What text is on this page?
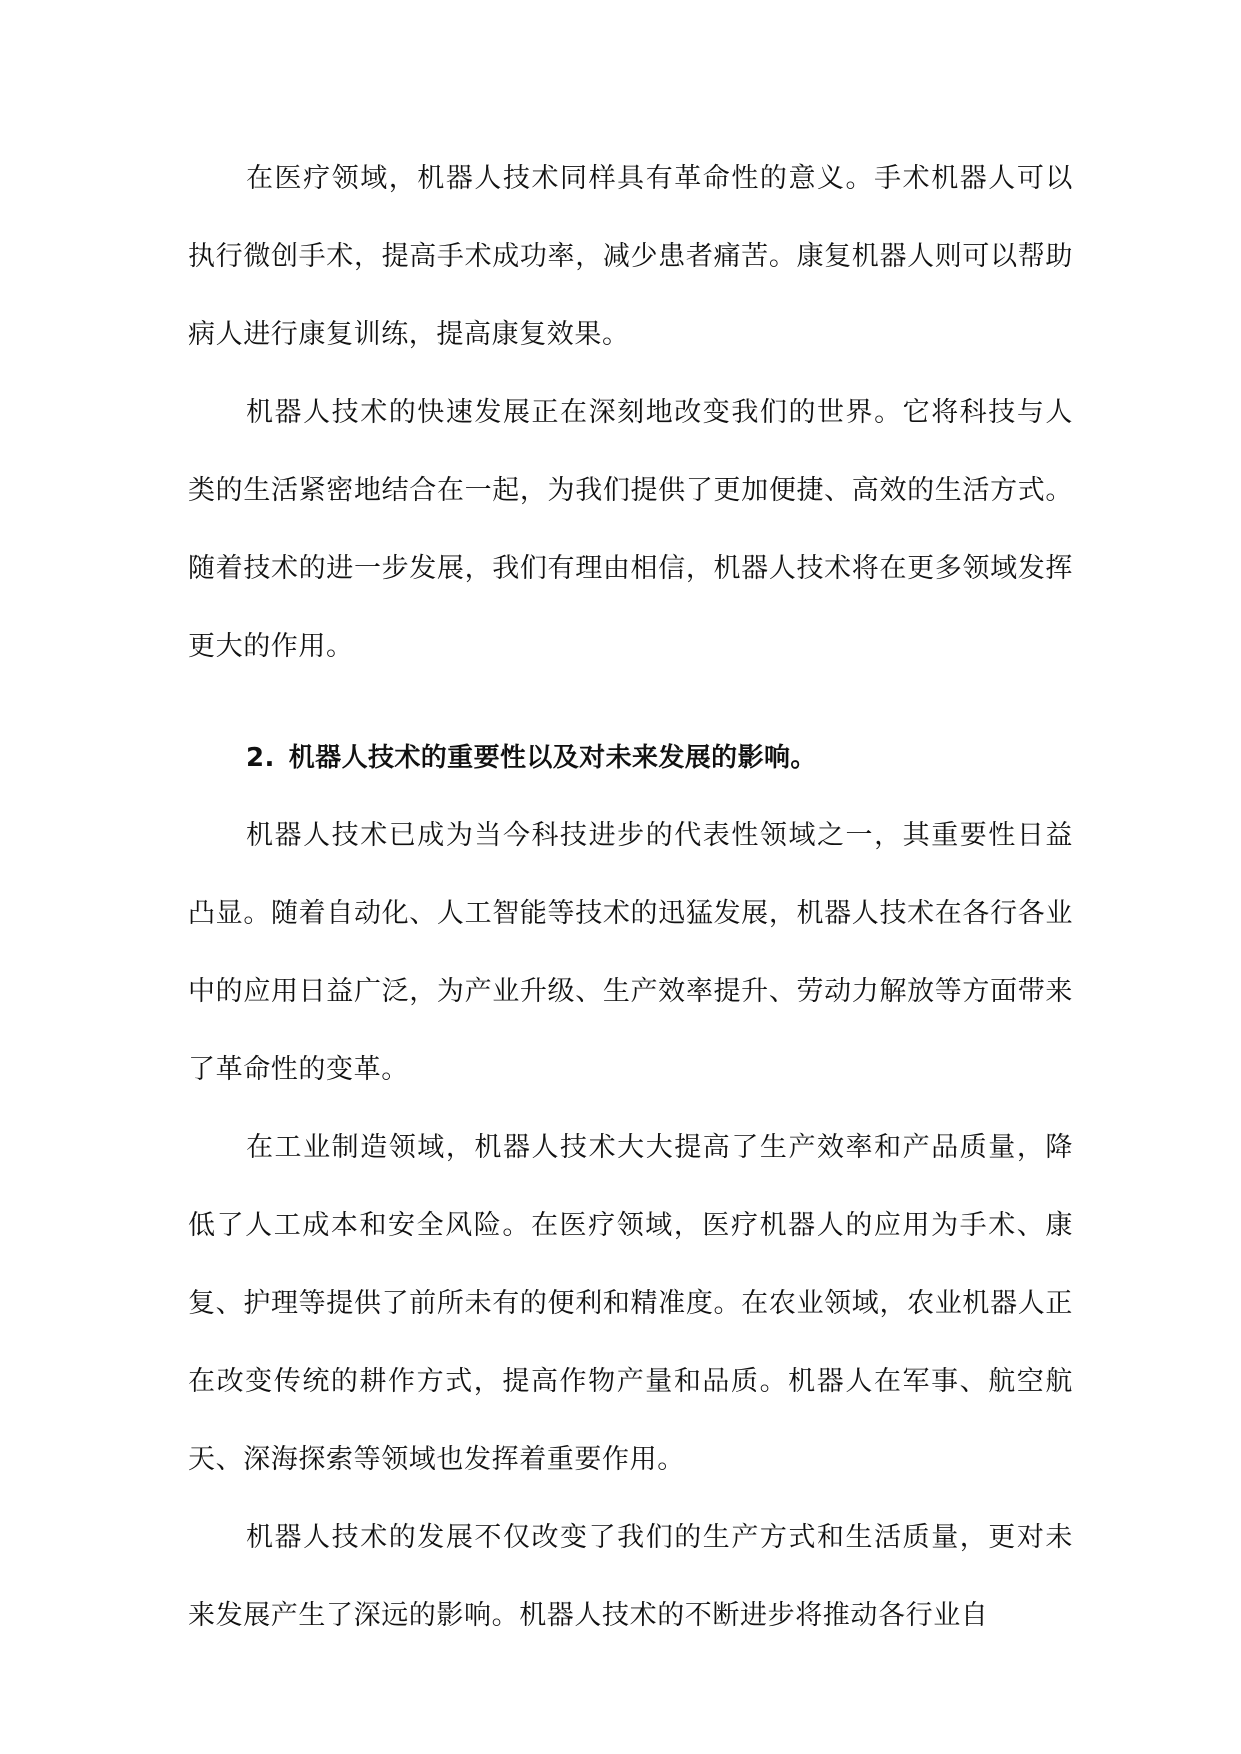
在医疗领域，机器人技术同样具有革命性的意义。手术机器人可以执行微创手术，提高手术成功率，减少患者痛苦。康复机器人则可以帮助病人进行康复训练，提高康复效果。

机器人技术的快速发展正在深刻地改变我们的世界。它将科技与人类的生活紧密地结合在一起，为我们提供了更加便捷、高效的生活方式。随着技术的进一步发展，我们有理由相信，机器人技术将在更多领域发挥更大的作用。

2. 机器人技术的重要性以及对未来发展的影响。

机器人技术已成为当今科技进步的代表性领域之一，其重要性日益凸显。随着自动化、人工智能等技术的迅猛发展，机器人技术在各行各业中的应用日益广泛，为产业升级、生产效率提升、劳动力解放等方面带来了革命性的变革。

在工业制造领域，机器人技术大大提高了生产效率和产品质量，降低了人工成本和安全风险。在医疗领域，医疗机器人的应用为手术、康复、护理等提供了前所未有的便利和精准度。在农业领域，农业机器人正在改变传统的耕作方式，提高作物产量和品质。机器人在军事、航空航天、深海探索等领域也发挥着重要作用。

机器人技术的发展不仅改变了我们的生产方式和生活质量，更对未来发展产生了深远的影响。机器人技术的不断进步将推动各行业自
